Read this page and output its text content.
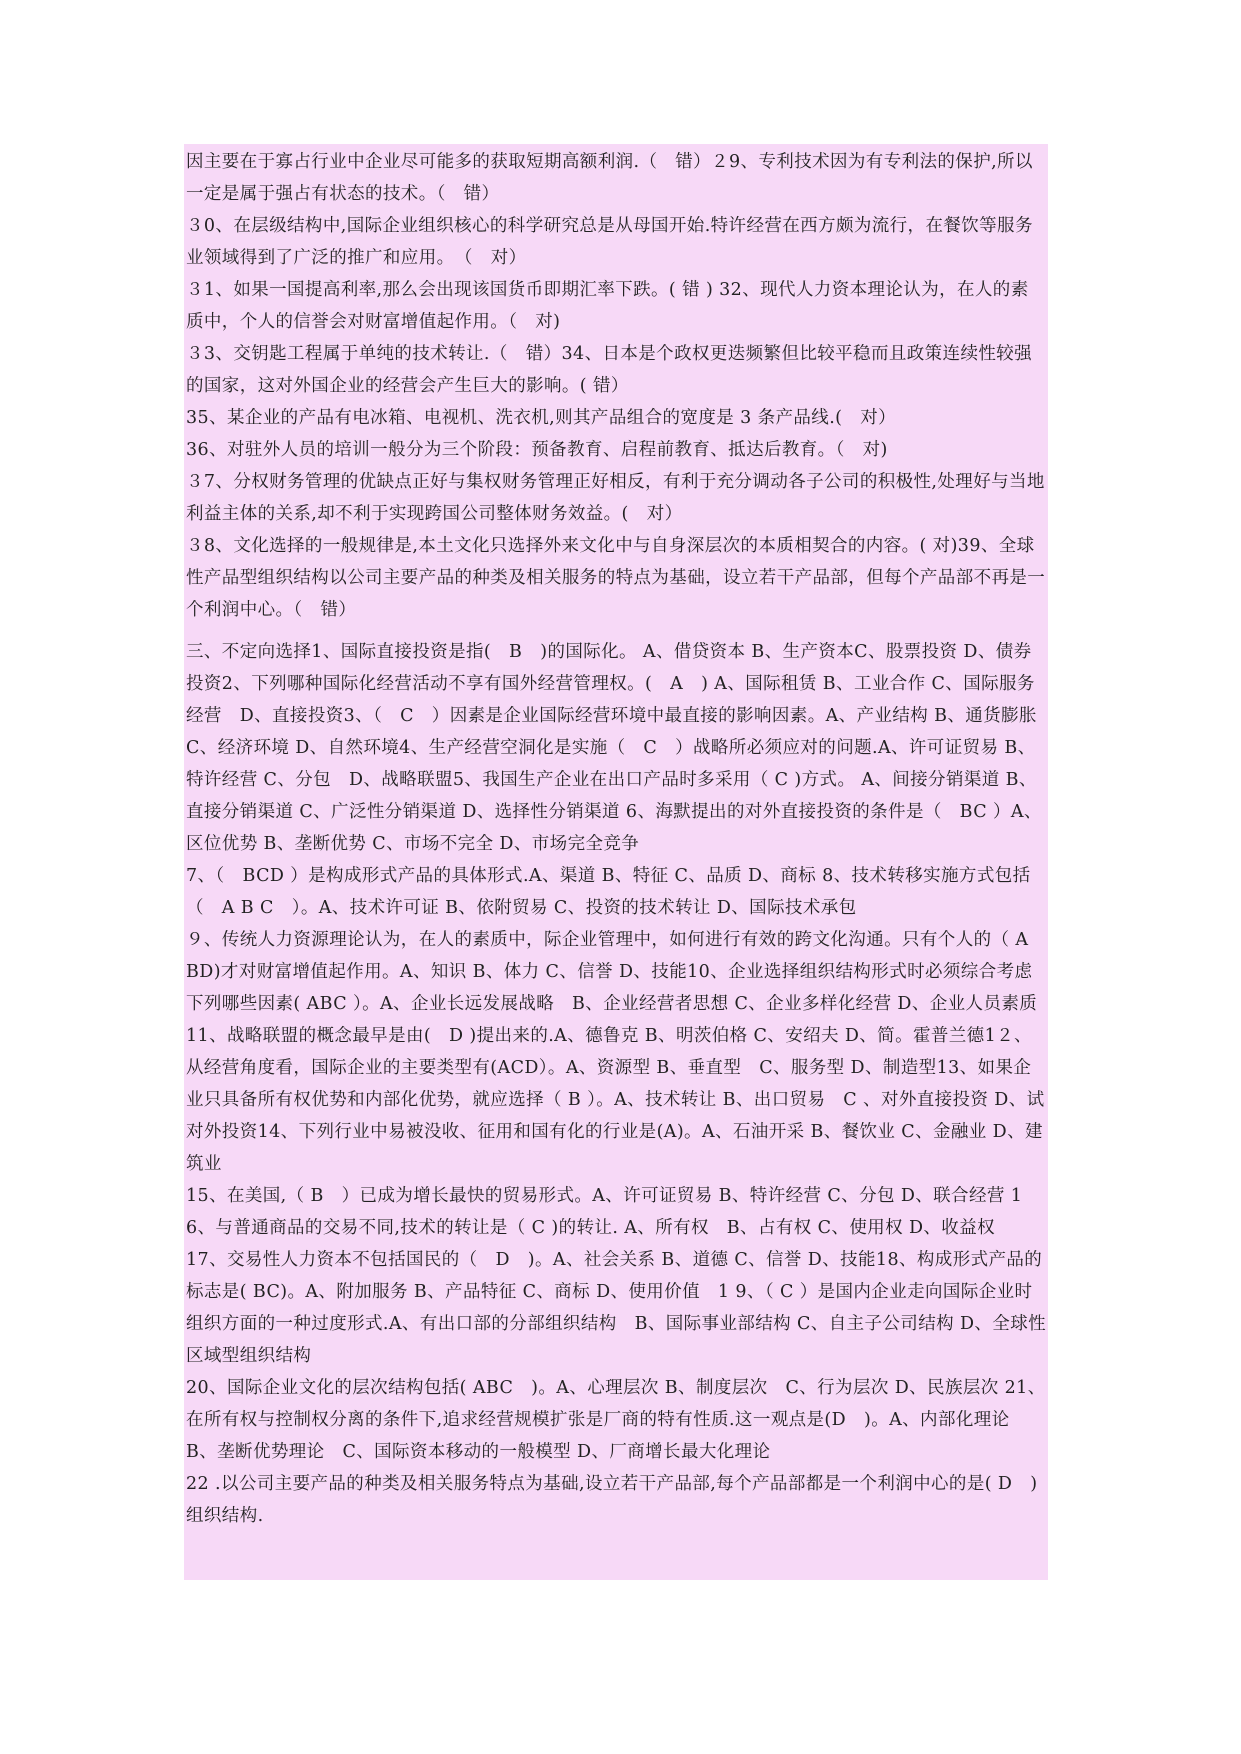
因主要在于寡占行业中企业尽可能多的获取短期高额利润.（　错）２9、专利技术因为有专利法的保护,所以一定是属于强占有状态的技术。（　错）

３0、在层级结构中,国际企业组织核心的科学研究总是从母国开始.特许经营在西方颇为流行，在餐饮等服务业领域得到了广泛的推广和应用。　（　对）

３1、如果一国提高利率,那么会出现该国货币即期汇率下跌。( 错 ) 32、现代人力资本理论认为，在人的素质中，个人的信誉会对财富增值起作用。（　对)

３3、交钥匙工程属于单纯的技术转让.（　错）34、日本是个政权更迭频繁但比较平稳而且政策连续性较强的国家，这对外国企业的经营会产生巨大的影响。( 错）

35、某企业的产品有电冰箱、电视机、洗衣机,则其产品组合的宽度是 3 条产品线.(　对）

36、对驻外人员的培训一般分为三个阶段：预备教育、启程前教育、抵达后教育。（　对)

３7、分权财务管理的优缺点正好与集权财务管理正好相反，有利于充分调动各子公司的积极性,处理好与当地利益主体的关系,却不利于实现跨国公司整体财务效益。(　对）

３8、文化选择的一般规律是,本土文化只选择外来文化中与自身深层次的本质相契合的内容。( 对)39、全球性产品型组织结构以公司主要产品的种类及相关服务的特点为基础，设立若干产品部，但每个产品部不再是一个利润中心。（　错）

三、不定向选择1、国际直接投资是指(　B　)的国际化。 A、借贷资本 B、生产资本C、股票投资 D、债券投资2、下列哪种国际化经营活动不享有国外经营管理权。(　A　) A、国际租赁 B、工业合作 C、国际服务经营　D、直接投资3、（　C　）因素是企业国际经营环境中最直接的影响因素。A、产业结构 B、通货膨胀 C、经济环境 D、自然环境4、生产经营空洞化是实施（　C　）战略所必须应对的问题.A、许可证贸易 B、特许经营 C、分包　D、战略联盟5、我国生产企业在出口产品时多采用（ C )方式。 A、间接分销渠道 B、直接分销渠道 C、广泛性分销渠道 D、选择性分销渠道 6、海默提出的对外直接投资的条件是（　BC ）A、区位优势 B、垄断优势 C、市场不完全 D、市场完全竞争

7、（　BCD ）是构成形式产品的具体形式.A、渠道 B、特征 C、品质 D、商标 8、技术转移实施方式包括（　A B C　）。A、技术许可证 B、依附贸易 C、投资的技术转让 D、国际技术承包

９、传统人力资源理论认为，在人的素质中，际企业管理中，如何进行有效的跨文化沟通。只有个人的（ A BD)才对财富增值起作用。A、知识 B、体力 C、信誉 D、技能10、企业选择组织结构形式时必须综合考虑下列哪些因素( ABC ）。A、企业长远发展战略　B、企业经营者思想 C、企业多样化经营 D、企业人员素质

11、战略联盟的概念最早是由(　D )提出来的.A、德鲁克 B、明茨伯格 C、安绍夫 D、简。霍普兰德1２、从经营角度看，国际企业的主要类型有(ACD）。A、资源型 B、垂直型　C、服务型 D、制造型13、如果企业只具备所有权优势和内部化优势，就应选择（ B ）。A、技术转让 B、出口贸易　C 、对外直接投资 D、试对外投资14、下列行业中易被没收、征用和国有化的行业是(A)。A、石油开采 B、餐饮业 C、金融业 D、建筑业

15、在美国,（ B　）已成为增长最快的贸易形式。A、许可证贸易 B、特许经营 C、分包 D、联合经营 16、与普通商品的交易不同,技术的转让是（ C )的转让. A、所有权　B、占有权 C、使用权 D、收益权

17、交易性人力资本不包括国民的（　D　)。A、社会关系 B、道德 C、信誉 D、技能18、构成形式产品的标志是( BC)。A、附加服务 B、产品特征 C、商标 D、使用价值　1 9、（ C ）是国内企业走向国际企业时组织方面的一种过度形式.A、有出口部的分部组织结构　B、国际事业部结构 C、自主子公司结构 D、全球性区域型组织结构

20、国际企业文化的层次结构包括( ABC　)。A、心理层次 B、制度层次　C、行为层次 D、民族层次 21、在所有权与控制权分离的条件下,追求经营规模扩张是厂商的特有性质.这一观点是(D　)。A、内部化理论 B、垄断优势理论　C、国际资本移动的一般模型 D、厂商增长最大化理论

22 .以公司主要产品的种类及相关服务特点为基础,设立若干产品部,每个产品部都是一个利润中心的是( D　)组织结构.
